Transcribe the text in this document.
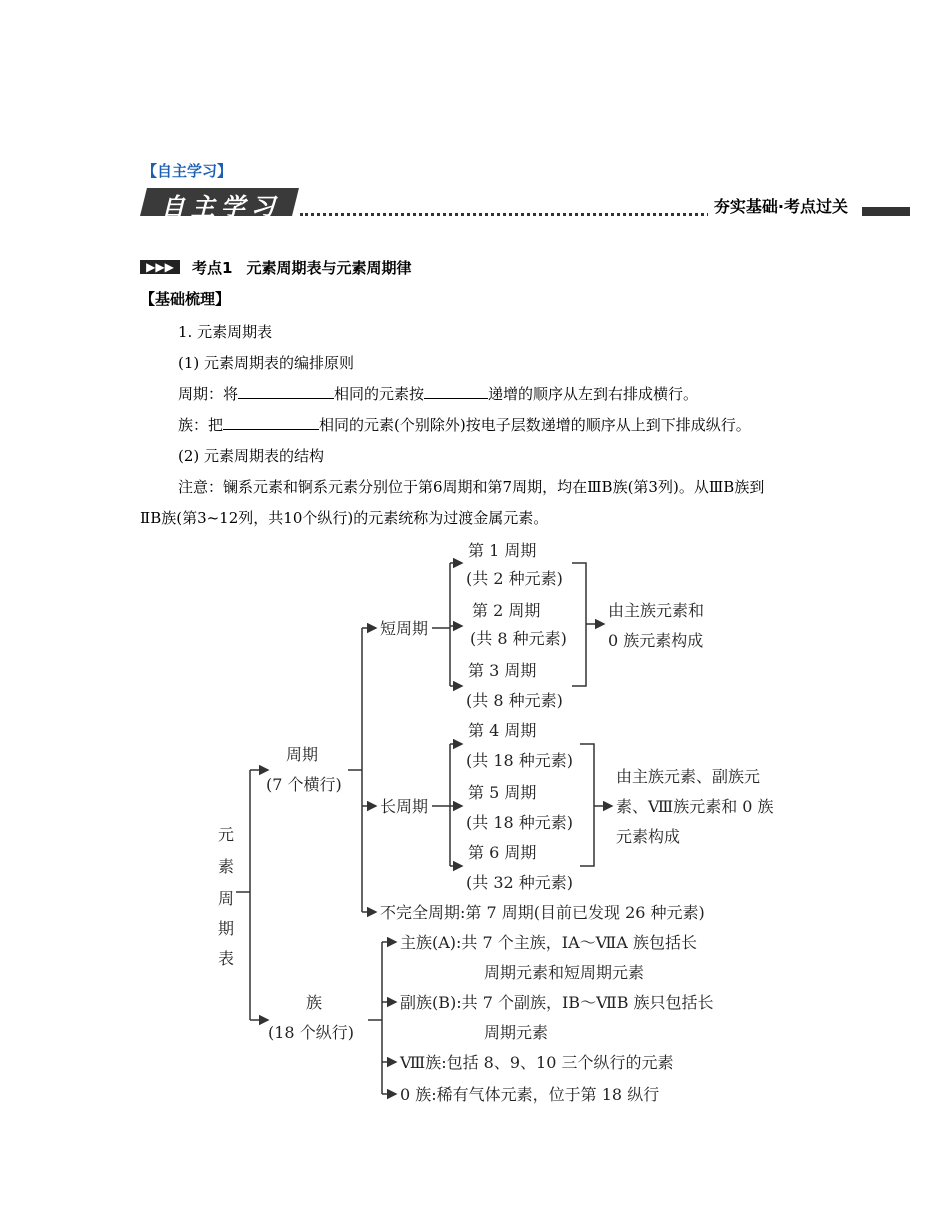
【自主学习】
自主学习	夯实基础·考点过关
▶▶▶	考点1 元素周期表与元素周期律
【基础梳理】
1. 元素周期表
(1) 元素周期表的编排原则
周期：将	相同的元素按	递增的顺序从左到右排成横行。
族：把	相同的元素(个别除外)按电子层数递增的顺序从上到下排成纵行。
(2) 元素周期表的结构
注意：镧系元素和锕系元素分别位于第6周期和第7周期，均在ⅢB族(第3列)。从ⅢB族到
ⅡB族(第3~12列，共10个纵行)的元素统称为过渡金属元素。
元
素
周
期
表
周期
(7 个横行)
短周期
第 1 周期
(共 2 种元素)
第 2 周期
(共 8 种元素)
第 3 周期
(共 8 种元素)
由主族元素和
0 族元素构成
长周期
第 4 周期
(共 18 种元素)
第 5 周期
(共 18 种元素)
第 6 周期
(共 32 种元素)
由主族元素、副族元
素、Ⅷ族元素和 0 族
元素构成
不完全周期:第 7 周期(目前已发现 26 种元素)
族
(18 个纵行)
主族(A):共 7 个主族，ⅠA～ⅦA 族包括长
周期元素和短周期元素
副族(B):共 7 个副族，ⅠB～ⅦB 族只包括长
周期元素
Ⅷ族:包括 8、9、10 三个纵行的元素
0 族:稀有气体元素，位于第 18 纵行
